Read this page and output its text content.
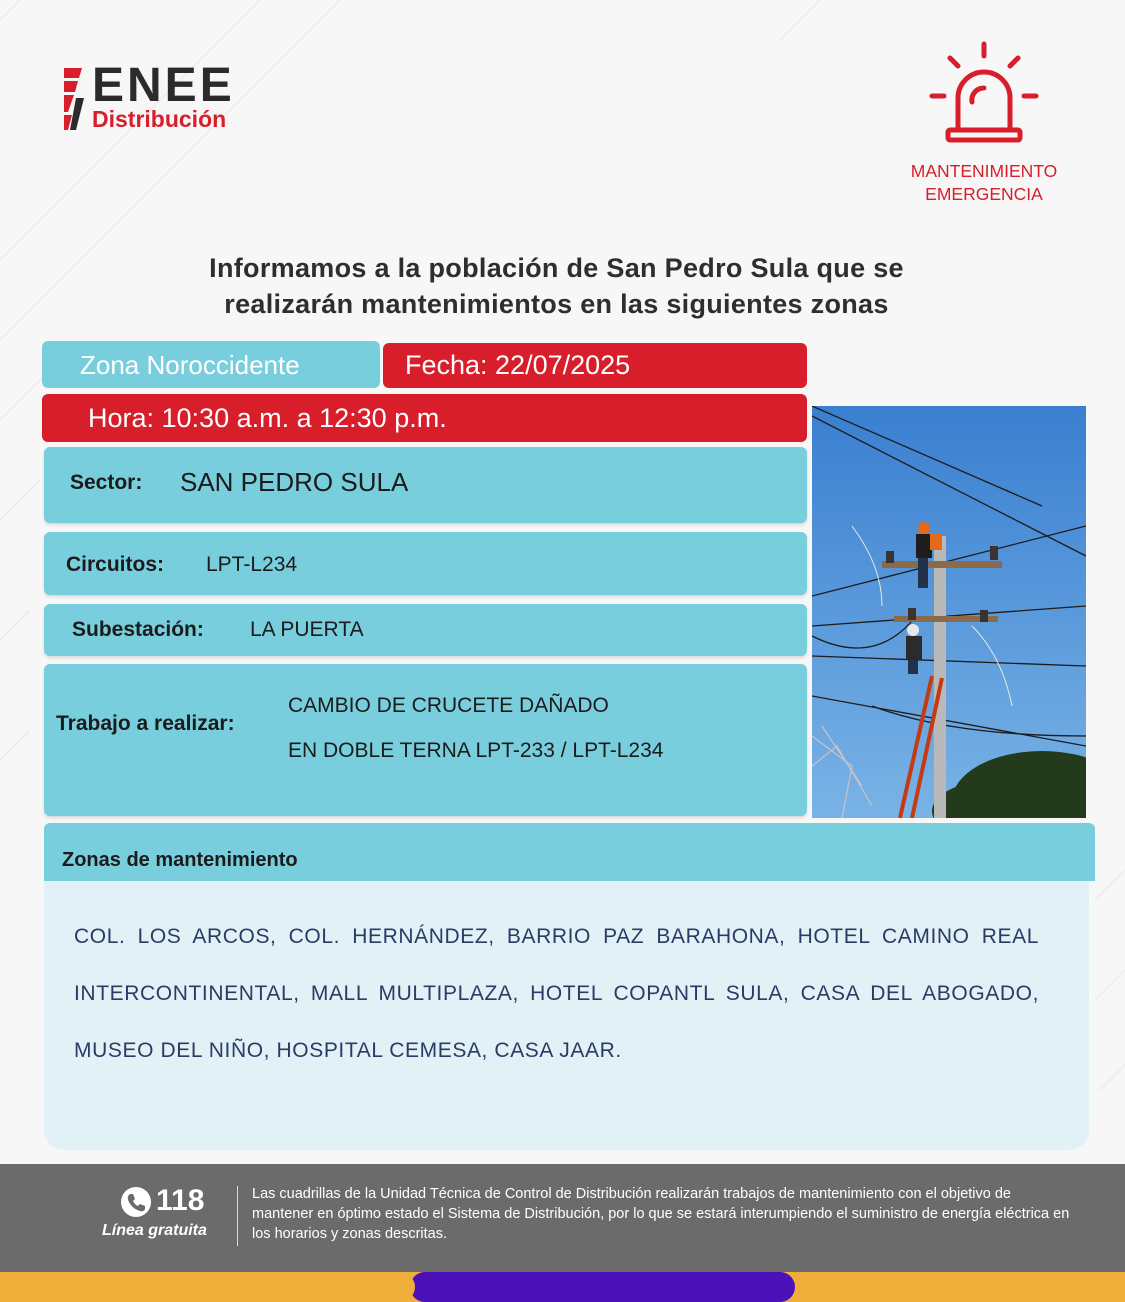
ENEE
Distribución
MANTENIMIENTO
EMERGENCIA
Informamos a la población de San Pedro Sula que se
realizarán mantenimientos en las siguientes zonas
Zona Noroccidente	Fecha: 22/07/2025
Hora: 10:30 a.m. a 12:30 p.m.
Sector: SAN PEDRO SULA
Circuitos: LPT-L234
Subestación: LA PUERTA
Trabajo a realizar:
CAMBIO DE CRUCETE DAÑADO
EN DOBLE TERNA LPT-233 / LPT-L234
Zonas de mantenimiento
COL. LOS ARCOS, COL. HERNÁNDEZ, BARRIO PAZ BARAHONA, HOTEL CAMINO REAL INTERCONTINENTAL, MALL MULTIPLAZA, HOTEL COPANTL SULA, CASA DEL ABOGADO, MUSEO DEL NIÑO, HOSPITAL CEMESA, CASA JAAR.
118
Línea gratuita
Las cuadrillas de la Unidad Técnica de Control de Distribución realizarán trabajos de mantenimiento con el objetivo de mantener en óptimo estado el Sistema de Distribución, por lo que se estará interumpiendo el suministro de energía eléctrica en los horarios y zonas descritas.
